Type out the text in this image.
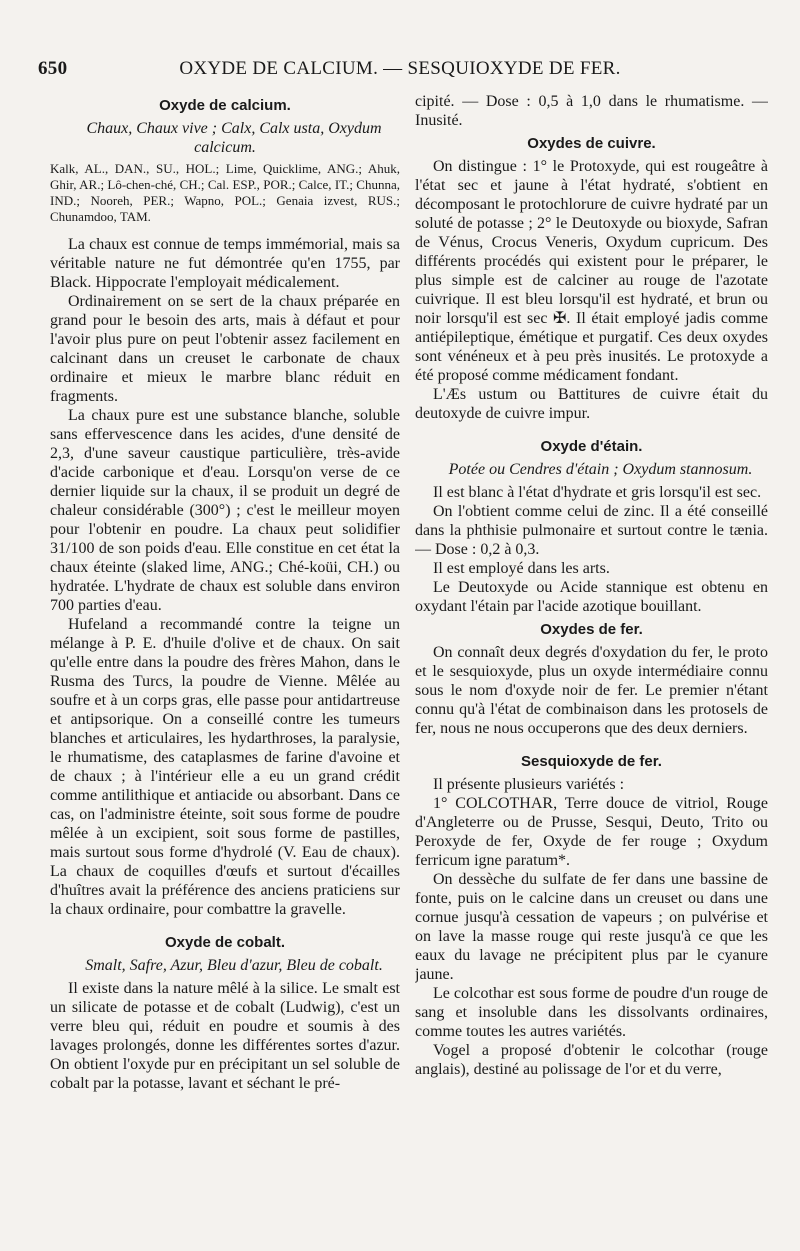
650	OXYDE DE CALCIUM. — SESQUIOXYDE DE FER.
Oxyde de calcium.

Chaux, Chaux vive ; Calx, Calx usta, Oxydum calcicum.

Kalk, AL., DAN., SU., HOL.; Lime, Quicklime, ANG.; Ahuk, Ghir, AR.; Lô-chen-ché, CH.; Cal. ESP., POR.; Calce, IT.; Chunna, IND.; Nooreh, PER.; Wapno, POL.; Genaia izvest, RUS.; Chunamdoo, TAM.

La chaux est connue de temps immémorial, mais sa véritable nature ne fut démontrée qu'en 1755, par Black. Hippocrate l'employait médicalement.

Ordinairement on se sert de la chaux préparée en grand pour le besoin des arts, mais à défaut et pour l'avoir plus pure on peut l'obtenir assez facilement en calcinant dans un creuset le carbonate de chaux ordinaire et mieux le marbre blanc réduit en fragments.

La chaux pure est une substance blanche, soluble sans effervescence dans les acides, d'une densité de 2,3, d'une saveur caustique particulière, très-avide d'acide carbonique et d'eau. Lorsqu'on verse de ce dernier liquide sur la chaux, il se produit un degré de chaleur considérable (300°) ; c'est le meilleur moyen pour l'obtenir en poudre. La chaux peut solidifier 31/100 de son poids d'eau. Elle constitue en cet état la chaux éteinte (slaked lime, ANG.; Ché-koüi, CH.) ou hydratée. L'hydrate de chaux est soluble dans environ 700 parties d'eau.

Hufeland a recommandé contre la teigne un mélange à P. E. d'huile d'olive et de chaux. On sait qu'elle entre dans la poudre des frères Mahon, dans le Rusma des Turcs, la poudre de Vienne. Mêlée au soufre et à un corps gras, elle passe pour antidartreuse et antipsorique. On a conseillé contre les tumeurs blanches et articulaires, les hydarthroses, la paralysie, le rhumatisme, des cataplasmes de farine d'avoine et de chaux ; à l'intérieur elle a eu un grand crédit comme antilithique et antiacide ou absorbant. Dans ce cas, on l'administre éteinte, soit sous forme de poudre mêlée à un excipient, soit sous forme de pastilles, mais surtout sous forme d'hydrolé (V. Eau de chaux). La chaux de coquilles d'œufs et surtout d'écailles d'huîtres avait la préférence des anciens praticiens sur la chaux ordinaire, pour combattre la gravelle.

Oxyde de cobalt.

Smalt, Safre, Azur, Bleu d'azur, Bleu de cobalt.

Il existe dans la nature mêlé à la silice. Le smalt est un silicate de potasse et de cobalt (Ludwig), c'est un verre bleu qui, réduit en poudre et soumis à des lavages prolongés, donne les différentes sortes d'azur. On obtient l'oxyde pur en précipitant un sel soluble de cobalt par la potasse, lavant et séchant le pré-

cipité. — Dose : 0,5 à 1,0 dans le rhumatisme. — Inusité.

Oxydes de cuivre.

On distingue : 1° le Protoxyde, qui est rougeâtre à l'état sec et jaune à l'état hydraté, s'obtient en décomposant le protochlorure de cuivre hydraté par un soluté de potasse ; 2° le Deutoxyde ou bioxyde, Safran de Vénus, Crocus Veneris, Oxydum cupricum. Des différents procédés qui existent pour le préparer, le plus simple est de calciner au rouge de l'azotate cuivrique. Il est bleu lorsqu'il est hydraté, et brun ou noir lorsqu'il est sec ✠. Il était employé jadis comme antiépileptique, émétique et purgatif. Ces deux oxydes sont vénéneux et à peu près inusités. Le protoxyde a été proposé comme médicament fondant.

L'Æs ustum ou Battitures de cuivre était du deutoxyde de cuivre impur.

Oxyde d'étain.

Potée ou Cendres d'étain ; Oxydum stannosum.

Il est blanc à l'état d'hydrate et gris lorsqu'il est sec.

On l'obtient comme celui de zinc. Il a été conseillé dans la phthisie pulmonaire et surtout contre le tænia. — Dose : 0,2 à 0,3.

Il est employé dans les arts.

Le Deutoxyde ou Acide stannique est obtenu en oxydant l'étain par l'acide azotique bouillant.

Oxydes de fer.

On connaît deux degrés d'oxydation du fer, le proto et le sesquioxyde, plus un oxyde intermédiaire connu sous le nom d'oxyde noir de fer. Le premier n'étant connu qu'à l'état de combinaison dans les protosels de fer, nous ne nous occuperons que des deux derniers.

Sesquioxyde de fer.

Il présente plusieurs variétés :

1° COLCOTHAR, Terre douce de vitriol, Rouge d'Angleterre ou de Prusse, Sesqui, Deuto, Trito ou Peroxyde de fer, Oxyde de fer rouge ; Oxydum ferricum igne paratum*.

On dessèche du sulfate de fer dans une bassine de fonte, puis on le calcine dans un creuset ou dans une cornue jusqu'à cessation de vapeurs ; on pulvérise et on lave la masse rouge qui reste jusqu'à ce que les eaux du lavage ne précipitent plus par le cyanure jaune.

Le colcothar est sous forme de poudre d'un rouge de sang et insoluble dans les dissolvants ordinaires, comme toutes les autres variétés.

Vogel a proposé d'obtenir le colcothar (rouge anglais), destiné au polissage de l'or et du verre,
